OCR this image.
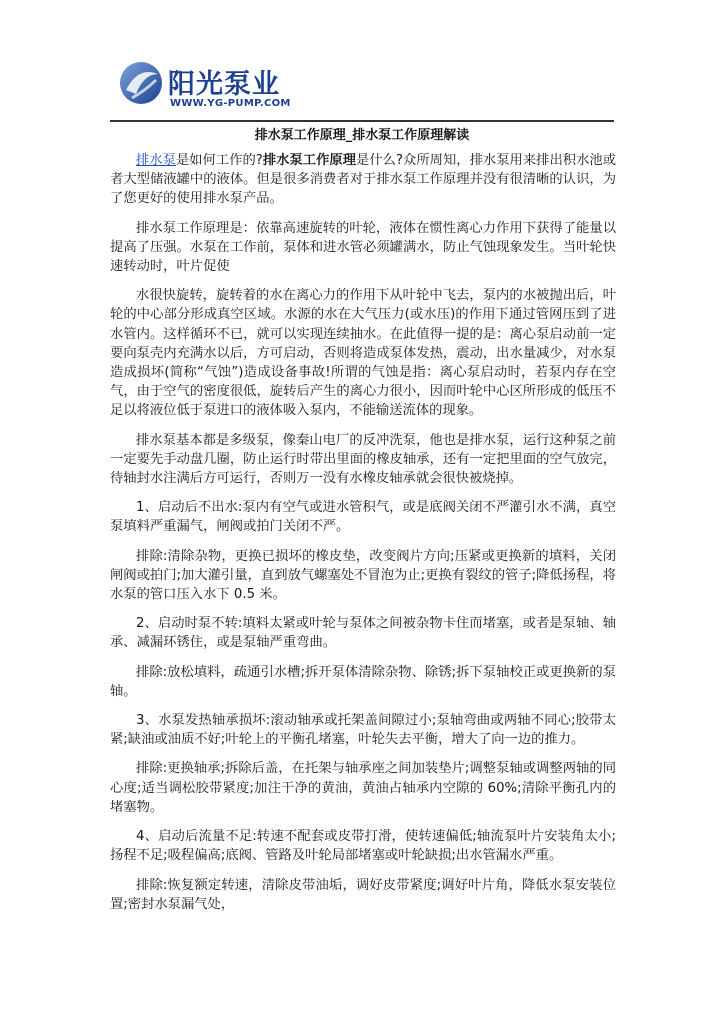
阳光泵业
WWW.YG-PUMP.COM
排水泵工作原理_排水泵工作原理解读

排水泵是如何工作的?排水泵工作原理是什么?众所周知，排水泵用来排出积水池或者大型储液罐中的液体。但是很多消费者对于排水泵工作原理并没有很清晰的认识，为了您更好的使用排水泵产品。

排水泵工作原理是：依靠高速旋转的叶轮，液体在惯性离心力作用下获得了能量以提高了压强。水泵在工作前，泵体和进水管必须罐满水，防止气蚀现象发生。当叶轮快速转动时，叶片促使

水很快旋转，旋转着的水在离心力的作用下从叶轮中飞去，泵内的水被抛出后，叶轮的中心部分形成真空区域。水源的水在大气压力(或水压)的作用下通过管网压到了进水管内。这样循环不已，就可以实现连续抽水。在此值得一提的是：离心泵启动前一定要向泵壳内充满水以后，方可启动，否则将造成泵体发热，震动，出水量减少，对水泵造成损坏(简称“气蚀”)造成设备事故!所谓的气蚀是指：离心泵启动时，若泵内存在空气，由于空气的密度很低，旋转后产生的离心力很小，因而叶轮中心区所形成的低压不足以将液位低于泵进口的液体吸入泵内，不能输送流体的现象。

排水泵基本都是多级泵，像秦山电厂的反冲洗泵，他也是排水泵，运行这种泵之前一定要先手动盘几圈，防止运行时带出里面的橡皮轴承，还有一定把里面的空气放完，待轴封水注满后方可运行，否则万一没有水橡皮轴承就会很快被烧掉。

1、启动后不出水:泵内有空气或进水管积气，或是底阀关闭不严灌引水不满，真空泵填料严重漏气，闸阀或拍门关闭不严。

排除:清除杂物，更换已损坏的橡皮垫，改变阀片方向;压紧或更换新的填料，关闭闸阀或拍门;加大灌引量，直到放气螺塞处不冒泡为止;更换有裂纹的管子;降低扬程，将水泵的管口压入水下 0.5 米。

2、启动时泵不转:填料太紧或叶轮与泵体之间被杂物卡住而堵塞，或者是泵轴、轴承、减漏环锈住，或是泵轴严重弯曲。

排除:放松填料，疏通引水槽;拆开泵体清除杂物、除锈;拆下泵轴校正或更换新的泵轴。

3、水泵发热轴承损坏:滚动轴承或托架盖间隙过小;泵轴弯曲或两轴不同心;胶带太紧;缺油或油质不好;叶轮上的平衡孔堵塞，叶轮失去平衡，增大了向一边的推力。

排除:更换轴承;拆除后盖，在托架与轴承座之间加装垫片;调整泵轴或调整两轴的同心度;适当调松胶带紧度;加注干净的黄油，黄油占轴承内空隙的 60%;清除平衡孔内的堵塞物。

4、启动后流量不足:转速不配套或皮带打滑，使转速偏低;轴流泵叶片安装角太小;扬程不足;吸程偏高;底阀、管路及叶轮局部堵塞或叶轮缺损;出水管漏水严重。

排除:恢复额定转速，清除皮带油垢，调好皮带紧度;调好叶片角，降低水泵安装位置;密封水泵漏气处，
